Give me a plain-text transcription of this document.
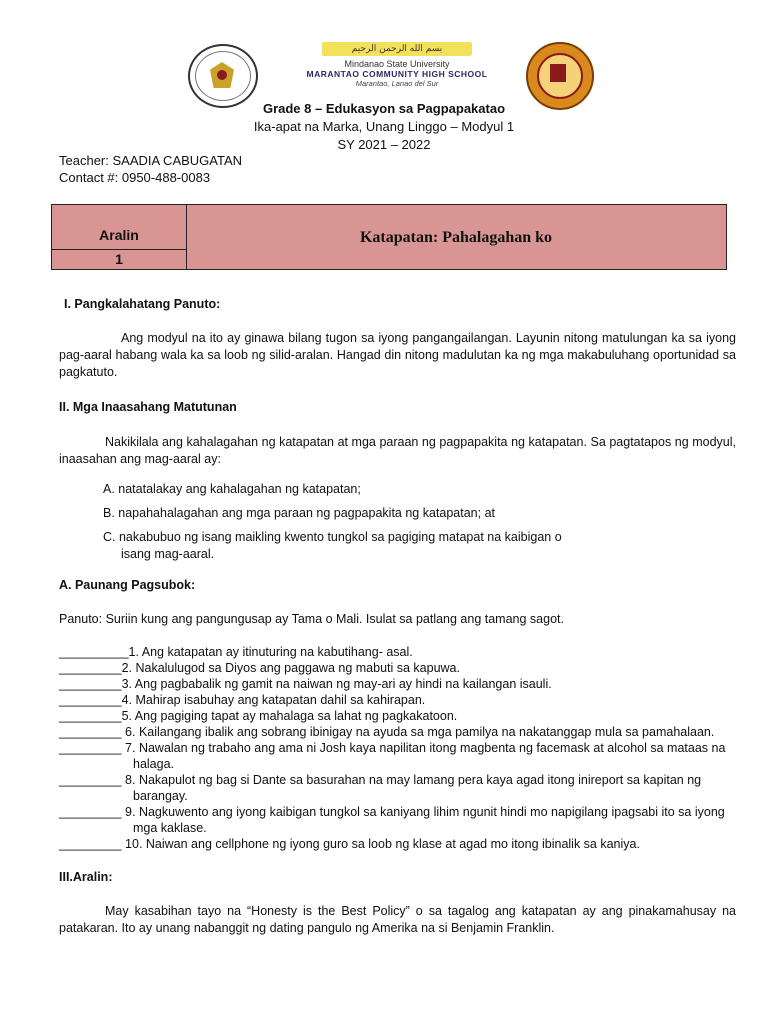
بسم الله الرحمن الرحيم
Mindanao State University
MARANTAO COMMUNITY HIGH SCHOOL
Marantao, Lanao del Sur
Grade 8 – Edukasyon sa Pagpapakatao
Ika-apat na Marka, Unang Linggo – Modyul 1
SY 2021 – 2022
Teacher: SAADIA CABUGATAN
Contact #: 0950-488-0083
Aralin
1
Katapatan: Pahalagahan ko
I. Pangkalahatang Panuto:
Ang modyul na ito ay ginawa bilang tugon sa iyong pangangailangan. Layunin nitong matulungan ka sa iyong pag-aaral habang wala ka sa loob ng silid-aralan. Hangad din nitong madulutan ka ng mga makabuluhang oportunidad sa pagkatuto.
II. Mga Inaasahang Matutunan
Nakikilala ang kahalagahan ng katapatan at mga paraan ng pagpapakita ng katapatan. Sa pagtatapos ng modyul, inaasahan ang mag-aaral ay:
A. natatalakay ang kahalagahan ng katapatan;
B. napahahalagahan ang mga paraan ng pagpapakita ng katapatan; at
C. nakabubuo ng isang maikling kwento tungkol sa pagiging matapat na kaibigan o isang mag-aaral.
A. Paunang Pagsubok:
Panuto: Suriin kung ang pangungusap ay Tama o Mali. Isulat sa patlang ang tamang sagot.
__________1. Ang katapatan ay itinuturing na kabutihang- asal.
_________2. Nakalulugod sa Diyos ang paggawa ng mabuti sa kapuwa.
_________3. Ang pagbabalik ng gamit na naiwan ng may-ari ay hindi na kailangan isauli.
_________4. Mahirap isabuhay ang katapatan dahil sa kahirapan.
_________5. Ang pagiging tapat ay mahalaga sa lahat ng pagkakatoon.
_________ 6. Kailangang ibalik ang sobrang ibinigay na ayuda sa mga pamilya na nakatanggap mula sa pamahalaan.
_________ 7. Nawalan ng trabaho ang ama ni Josh kaya napilitan itong magbenta ng facemask at alcohol sa mataas na halaga.
_________ 8. Nakapulot ng bag si Dante sa basurahan na may lamang pera kaya agad itong inireport sa kapitan ng barangay.
_________ 9. Nagkuwento ang iyong kaibigan tungkol sa kaniyang lihim ngunit hindi mo napigilang ipagsabi ito sa iyong mga kaklase.
_________ 10. Naiwan ang cellphone ng iyong guro sa loob ng klase at agad mo itong ibinalik sa kaniya.
III.Aralin:
May kasabihan tayo na “Honesty is the Best Policy” o sa tagalog ang katapatan ay ang pinakamahusay na patakaran. Ito ay unang nabanggit ng dating pangulo ng Amerika na si Benjamin Franklin.
